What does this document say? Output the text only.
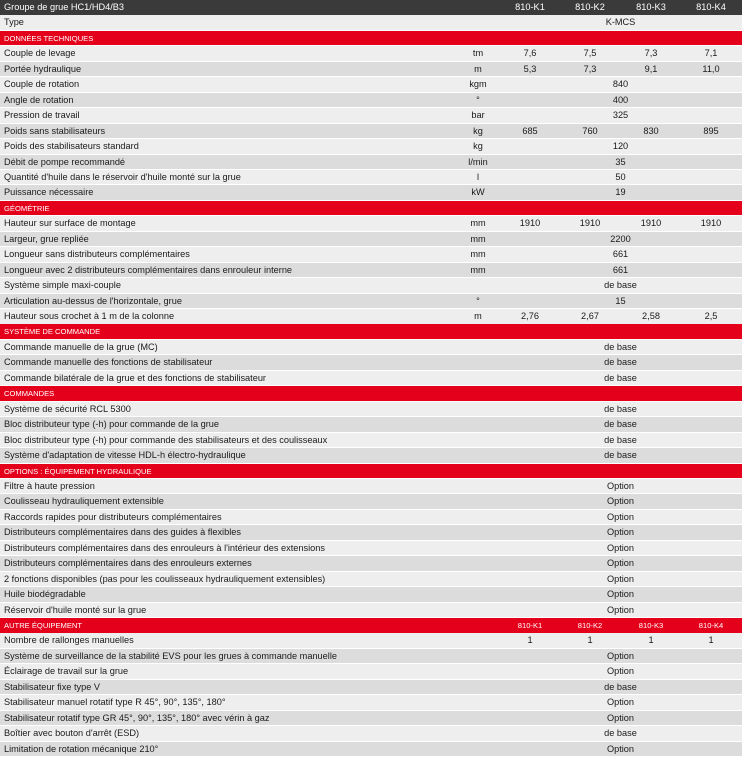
Groupe de grue HC1/HD4/B3	810-K1	810-K2	810-K3	810-K4
Type	K-MCS
DONNÉES TECHNIQUES
Couple de levage	tm	7,6	7,5	7,3	7,1
Portée hydraulique	m	5,3	7,3	9,1	11,0
Couple de rotation	kgm	840
Angle de rotation	°	400
Pression de travail	bar	325
Poids sans stabilisateurs	kg	685	760	830	895
Poids des stabilisateurs standard	kg	120
Débit de pompe recommandé	l/min	35
Quantité d'huile dans le réservoir d'huile monté sur la grue	l	50
Puissance nécessaire	kW	19
GÉOMÉTRIE
Hauteur sur surface de montage	mm	1910	1910	1910	1910
Largeur, grue repliée	mm	2200
Longueur sans distributeurs complémentaires	mm	661
Longueur avec 2 distributeurs complémentaires dans enrouleur interne	mm	661
Système simple maxi-couple	de base
Articulation au-dessus de l'horizontale, grue	°	15
Hauteur sous crochet à 1 m de la colonne	m	2,76	2,67	2,58	2,5
SYSTÈME DE COMMANDE
Commande manuelle de la grue (MC)	de base
Commande manuelle des fonctions de stabilisateur	de base
Commande bilatérale de la grue et des fonctions de stabilisateur	de base
COMMANDES
Système de sécurité RCL 5300	de base
Bloc distributeur type (-h) pour commande de la grue	de base
Bloc distributeur type (-h) pour commande des stabilisateurs et des coulisseaux	de base
Système d'adaptation de vitesse HDL-h électro-hydraulique	de base
OPTIONS : ÉQUIPEMENT HYDRAULIQUE
Filtre à haute pression	Option
Coulisseau hydrauliquement extensible	Option
Raccords rapides pour distributeurs complémentaires	Option
Distributeurs complémentaires dans des guides à flexibles	Option
Distributeurs complémentaires dans des enrouleurs à l'intérieur des extensions	Option
Distributeurs complémentaires dans des enrouleurs externes	Option
2 fonctions disponibles (pas pour les coulisseaux hydrauliquement extensibles)	Option
Huile biodégradable	Option
Réservoir d'huile monté sur la grue	Option
AUTRE ÉQUIPEMENT	810-K1	810-K2	810-K3	810-K4
Nombre de rallonges manuelles	1	1	1	1
Système de surveillance de la stabilité EVS pour les grues à commande manuelle	Option
Éclairage de travail sur la grue	Option
Stabilisateur fixe type V	de base
Stabilisateur manuel rotatif type R 45°, 90°, 135°, 180°	Option
Stabilisateur rotatif type GR 45°, 90°, 135°, 180° avec vérin à gaz	Option
Boîtier avec bouton d'arrêt (ESD)	de base
Limitation de rotation mécanique 210°	Option
